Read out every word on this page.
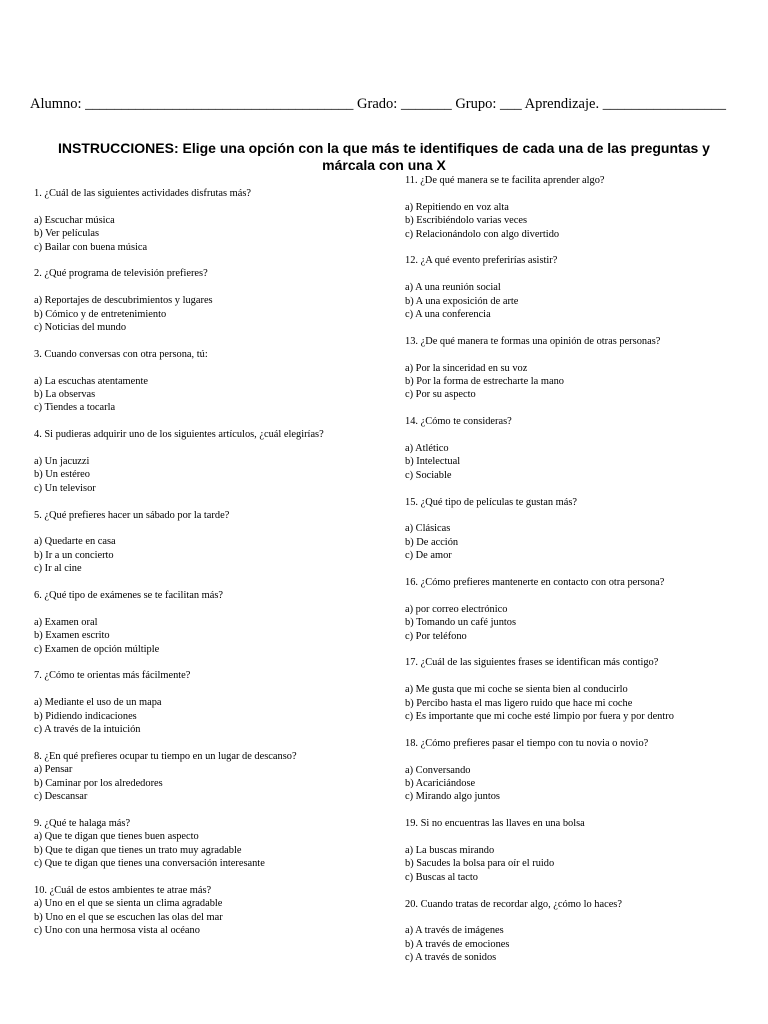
Alumno: _____________________________________ Grado: _______ Grupo: ___ Aprendizaje. _________________
INSTRUCCIONES: Elige una opción con la que más te identifiques de cada una de las preguntas y márcala con una X

1. ¿Cuál de las siguientes actividades disfrutas más?

a) Escuchar música

b) Ver películas

c) Bailar con buena música

2. ¿Qué programa de televisión prefieres?

a) Reportajes de descubrimientos y lugares

b) Cómico y de entretenimiento

c) Noticias del mundo

3. Cuando conversas con otra persona, tú:

a) La escuchas atentamente

b) La observas

c) Tiendes a tocarla

4. Si pudieras adquirir uno de los siguientes artículos, ¿cuál elegirías?

a) Un jacuzzi

b) Un estéreo

c) Un televisor

5. ¿Qué prefieres hacer un sábado por la tarde?

a) Quedarte en casa

b) Ir a un concierto

c) Ir al cine

6. ¿Qué tipo de exámenes se te facilitan más?

a) Examen oral

b) Examen escrito

c) Examen de opción múltiple

7. ¿Cómo te orientas más fácilmente?

a) Mediante el uso de un mapa

b) Pidiendo indicaciones

c) A través de la intuición

8. ¿En qué prefieres ocupar tu tiempo en un lugar de descanso?

a) Pensar

b) Caminar por los alrededores

c) Descansar

9. ¿Qué te halaga más?

a) Que te digan que tienes buen aspecto

b) Que te digan que tienes un trato muy agradable

c) Que te digan que tienes una conversación interesante

10. ¿Cuál de estos ambientes te atrae más?

a) Uno en el que se sienta un clima agradable

b) Uno en el que se escuchen las olas del mar

c) Uno con una hermosa vista al océano

11. ¿De qué manera se te facilita aprender algo?

a) Repitiendo en voz alta

b) Escribiéndolo varias veces

c) Relacionándolo con algo divertido

12. ¿A qué evento preferirías asistir?

a) A una reunión social

b) A una exposición de arte

c) A una conferencia

13. ¿De qué manera te formas una opinión de otras personas?

a) Por la sinceridad en su voz

b) Por la forma de estrecharte la mano

c) Por su aspecto

14. ¿Cómo te consideras?

a) Atlético

b) Intelectual

c) Sociable

15. ¿Qué tipo de películas te gustan más?

a) Clásicas

b) De acción

c) De amor

16. ¿Cómo prefieres mantenerte en contacto con otra persona?

a) por correo electrónico

b) Tomando un café juntos

c) Por teléfono

17. ¿Cuál de las siguientes frases se identifican más contigo?

a) Me gusta que mi coche se sienta bien al conducirlo

b) Percibo hasta el mas ligero ruido que hace mi coche

c) Es importante que mi coche esté limpio por fuera y por dentro

18. ¿Cómo prefieres pasar el tiempo con tu novia o novio?

a) Conversando

b) Acariciándose

c) Mirando algo juntos

19. Si no encuentras las llaves en una bolsa

a) La buscas mirando

b) Sacudes la bolsa para oír el ruido

c) Buscas al tacto

20. Cuando tratas de recordar algo, ¿cómo lo haces?

a) A través de imágenes

b) A través de emociones

c) A través de sonidos
